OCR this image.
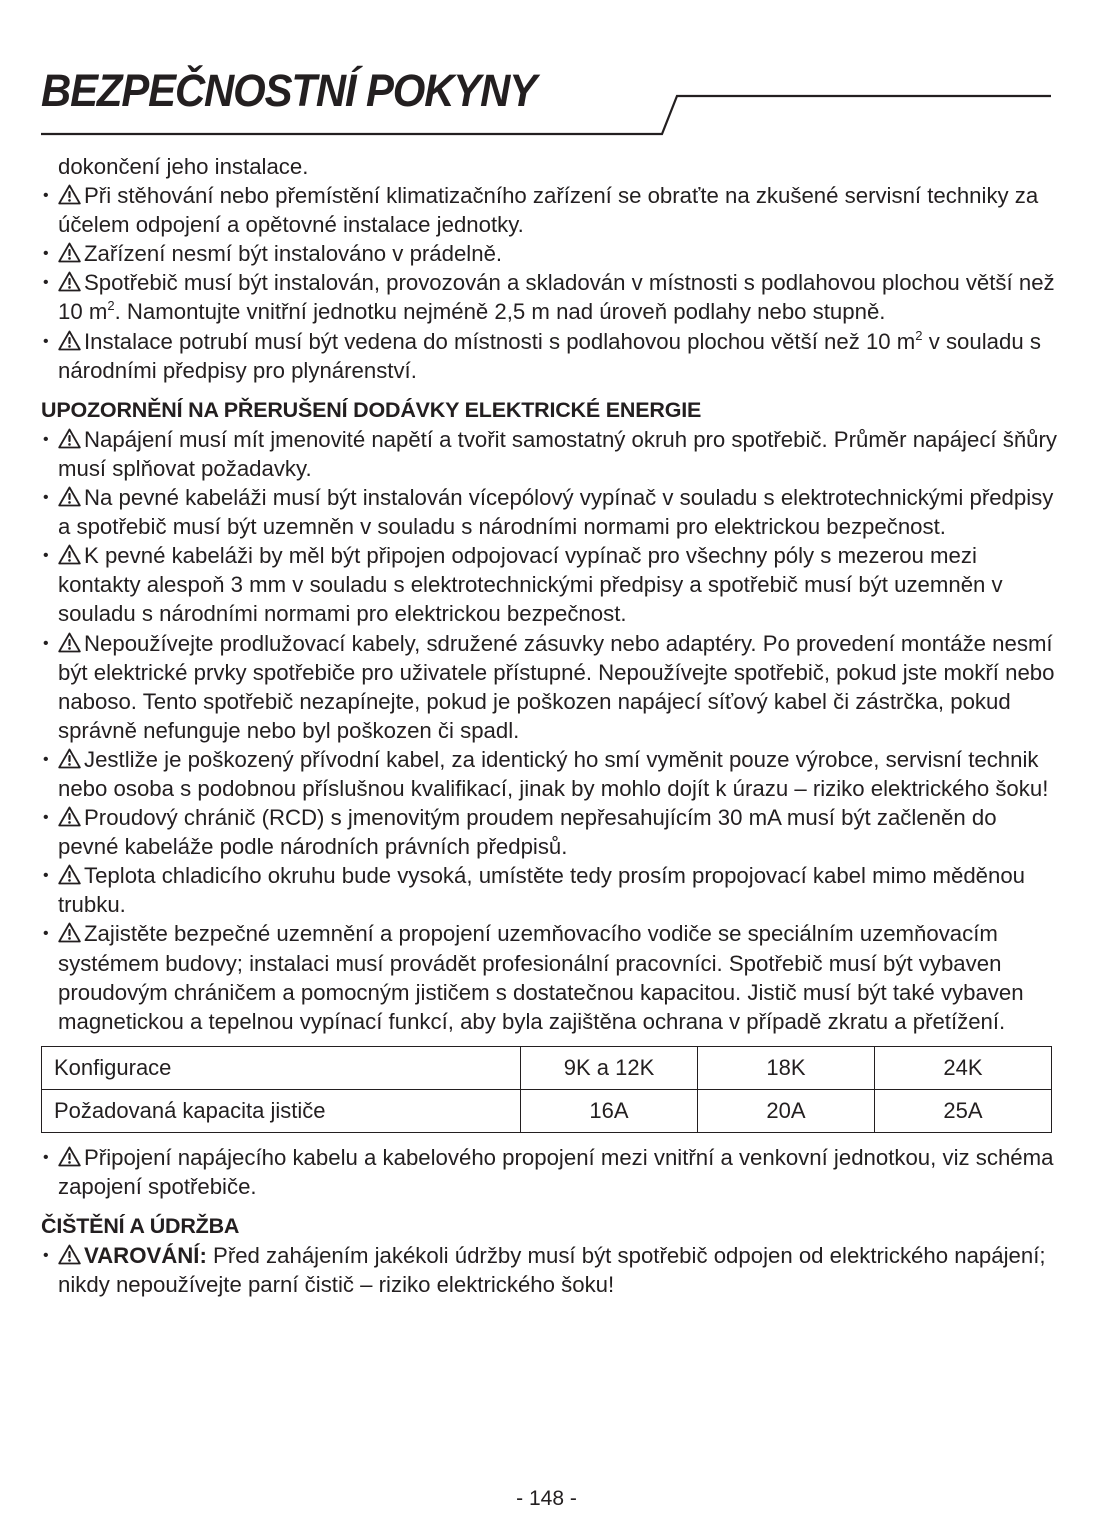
BEZPEČNOSTNÍ POKYNY

dokončení jeho instalace.

• Při stěhování nebo přemístění klimatizačního zařízení se obraťte na zkušené servisní techniky za účelem odpojení a opětovné instalace jednotky.
• Zařízení nesmí být instalováno v prádelně.
• Spotřebič musí být instalován, provozován a skladován v místnosti s podlahovou plochou větší než 10 $m^2$. Namontujte vnitřní jednotku nejméně 2,5 m nad úroveň podlahy nebo stupně.
• Instalace potrubí musí být vedena do místnosti s podlahovou plochou větší než 10 $m^2$ v souladu s národními předpisy pro plynárenství.
UPOZORNĚNÍ NA PŘERUŠENÍ DODÁVKY ELEKTRICKÉ ENERGIE
• Napájení musí mít jmenovité napětí a tvořit samostatný okruh pro spotřebič. Průměr napájecí šňůry musí splňovat požadavky.
• Na pevné kabeláži musí být instalován vícepólový vypínač v souladu s elektrotechnickými předpisy a spotřebič musí být uzemněn v souladu s národními normami pro elektrickou bezpečnost.
• K pevné kabeláži by měl být připojen odpojovací vypínač pro všechny póly s mezerou mezi kontakty alespoň 3 mm v souladu s elektrotechnickými předpisy a spotřebič musí být uzemněn v souladu s národními normami pro elektrickou bezpečnost.
• Nepoužívejte prodlužovací kabely, sdružené zásuvky nebo adaptéry. Po provedení montáže nesmí být elektrické prvky spotřebiče pro uživatele přístupné. Nepoužívejte spotřebič, pokud jste mokří nebo naboso. Tento spotřebič nezapínejte, pokud je poškozen napájecí síťový kabel či zástrčka, pokud správně nefunguje nebo byl poškozen či spadl.
• Jestliže je poškozený přívodní kabel, za identický ho smí vyměnit pouze výrobce, servisní technik nebo osoba s podobnou příslušnou kvalifikací, jinak by mohlo dojít k úrazu – riziko elektrického šoku!
• Proudový chránič (RCD) s jmenovitým proudem nepřesahujícím 30 mA musí být začleněn do pevné kabeláže podle národních právních předpisů.
• Teplota chladicího okruhu bude vysoká, umístěte tedy prosím propojovací kabel mimo měděnou trubku.
• Zajistěte bezpečné uzemnění a propojení uzemňovacího vodiče se speciálním uzemňovacím systémem budovy; instalaci musí provádět profesionální pracovníci. Spotřebič musí být vybaven proudovým chráničem a pomocným jističem s dostatečnou kapacitou. Jistič musí být také vybaven magnetickou a tepelnou vypínací funkcí, aby byla zajištěna ochrana v případě zkratu a přetížení.
Konfigurace	9K a 12K	18K	24K
Požadovaná kapacita jističe	16A	20A	25A
• Připojení napájecího kabelu a kabelového propojení mezi vnitřní a venkovní jednotkou, viz schéma zapojení spotřebiče.
ČIŠTĚNÍ A ÚDRŽBA
• VAROVÁNÍ: Před zahájením jakékoli údržby musí být spotřebič odpojen od elektrického napájení; nikdy nepoužívejte parní čistič – riziko elektrického šoku!
- 148 -
